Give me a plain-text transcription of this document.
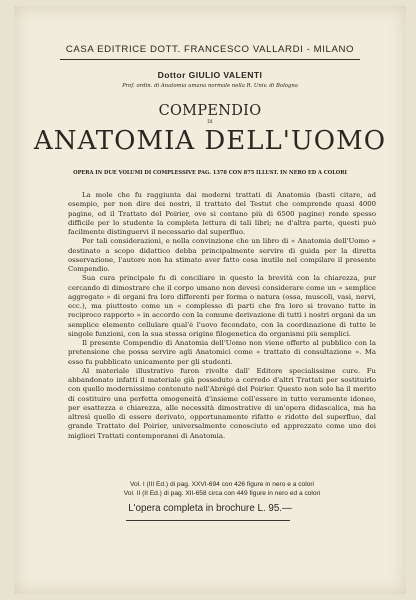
CASA EDITRICE DOTT. FRANCESCO VALLARDI - MILANO
Dottor GIULIO VALENTI
Prof. ordin. di Anatomia umana normale nella R. Univ. di Bologna
COMPENDIO
DI
ANATOMIA DELL'UOMO
OPERA IN DUE VOLUMI DI COMPLESSIVE PAG. 1378 CON 875 ILLUST. IN NERO ED A COLORI

La mole che fu raggiunta dai moderni trattati di Anatomia (basti citare, ad esempio, per non dire dei nostri, il trattato del Testut che comprende quasi 4000 pagine, ed il Trattato del Poirier, ove si contano più di 6500 pagine) rende spesso difficile per lo studente la completa lettura di tali libri; ne d'altra parte, questi può facilmente distinguervi il necessario dal superfluo.

Per tali considerazioni, e nella convinzione che un libro di « Anatomia dell'Uomo » destinato a scopo didattico debba principalmente servire di guida per la diretta osservazione, l'autore non ha stimato aver fatto cosa inutile nel compilare il presente Compendio.

Sua cura principale fu di conciliare in questo la brevità con la chiarezza, pur cercando di dimostrare che il corpo umano non devesi considerare come un « semplice aggregato » di organi fra loro differenti per forma o natura (ossa, muscoli, vasi, nervi, ecc.), ma piuttosto come un « complesso di parti che fra loro si trovano tutte in reciproco rapporto » in accordo con la comune derivazione di tutti i nostri organi da un semplice elemento cellulare qual'è l'uovo fecondato, con la coordinazione di tutte le singole funzioni, con la sua stessa origine filogenetica da organismi più semplici.

Il presente Compendio di Anatomia dell'Uomo non viene offerto al pubblico con la pretensione che possa servire agli Anatomici come « trattato di consultazione ». Ma esso fu pubblicato unicamente per gli studenti.

Al materiale illustrativo furon rivolte dall' Editore specialissime cure. Fu abbandonato infatti il materiale già posseduto a corredo d'altri Trattati per sostituirlo con quello modernissimo contenuto nell'Abrégé del Poirier. Questo non solo ha il merito di costituire una perfetta omogeneità d'insieme coll'essere in tutto veramente idoneo, per esattezza e chiarezza, alle necessità dimostrative di un'opera didascalica, ma ha altresì quello di essere derivato, opportunamente rifatto e ridotto del superfluo, dal grande Trattato del Poirier, universalmente conosciuto ed apprezzato come uno dei migliori Trattati contemporanei di Anatomia.

Vol. I (III Ed.) di pag. XXVI-694 con 426 figure in nero e a colori
Vol. II (II Ed.) di pag. XII-658 circa con 449 figure in nero ed a colori
L'opera completa in brochure L. 95.—
